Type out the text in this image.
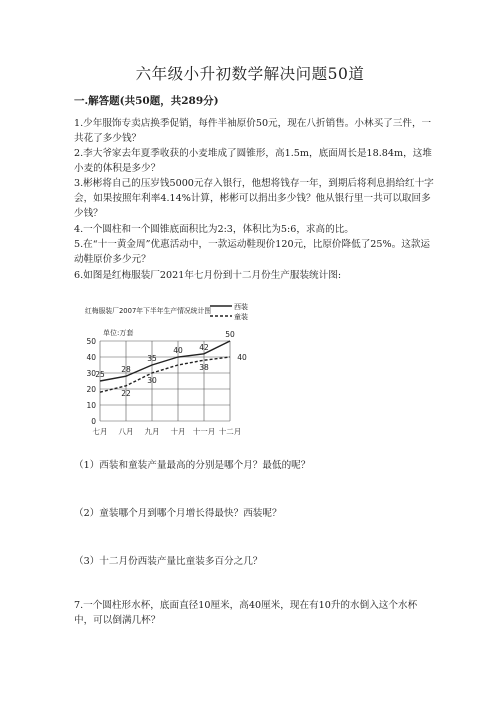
六年级小升初数学解决问题50道
一.解答题(共50题，共289分)
1.少年服饰专卖店换季促销，每件半袖原价50元，现在八折销售。小林买了三件，一共花了多少钱？
2.李大爷家去年夏季收获的小麦堆成了圆锥形，高1.5m，底面周长是18.84m，这堆小麦的体积是多少？
3.彬彬将自己的压岁钱5000元存入银行，他想将钱存一年，到期后将利息捐给红十字会，如果按照年利率4.14%计算，彬彬可以捐出多少钱？他从银行里一共可以取回多少钱？
4.一个圆柱和一个圆锥底面积比为2:3，体积比为5:6，求高的比。
5.在“十一黄金周”优惠活动中，一款运动鞋现价120元，比原价降低了25%。这款运动鞋原价多少元？
6.如图是红梅服装厂2021年七月份到十二月份生产服装统计图:
红梅服装厂2007年下半年生产情况统计图
单位:万套
0
10
20
30
40
50
七月 八月 九月 十月 十一月 十二月
25
28
35
40 42
50
22
30
38
40
西装
童装
（1）西装和童装产量最高的分别是哪个月？最低的呢？
（2）童装哪个月到哪个月增长得最快？西装呢？
（3）十二月份西装产量比童装多百分之几？
7.一个圆柱形水杯，底面直径10厘米，高40厘米，现在有10升的水倒入这个水杯中，可以倒满几杯？
